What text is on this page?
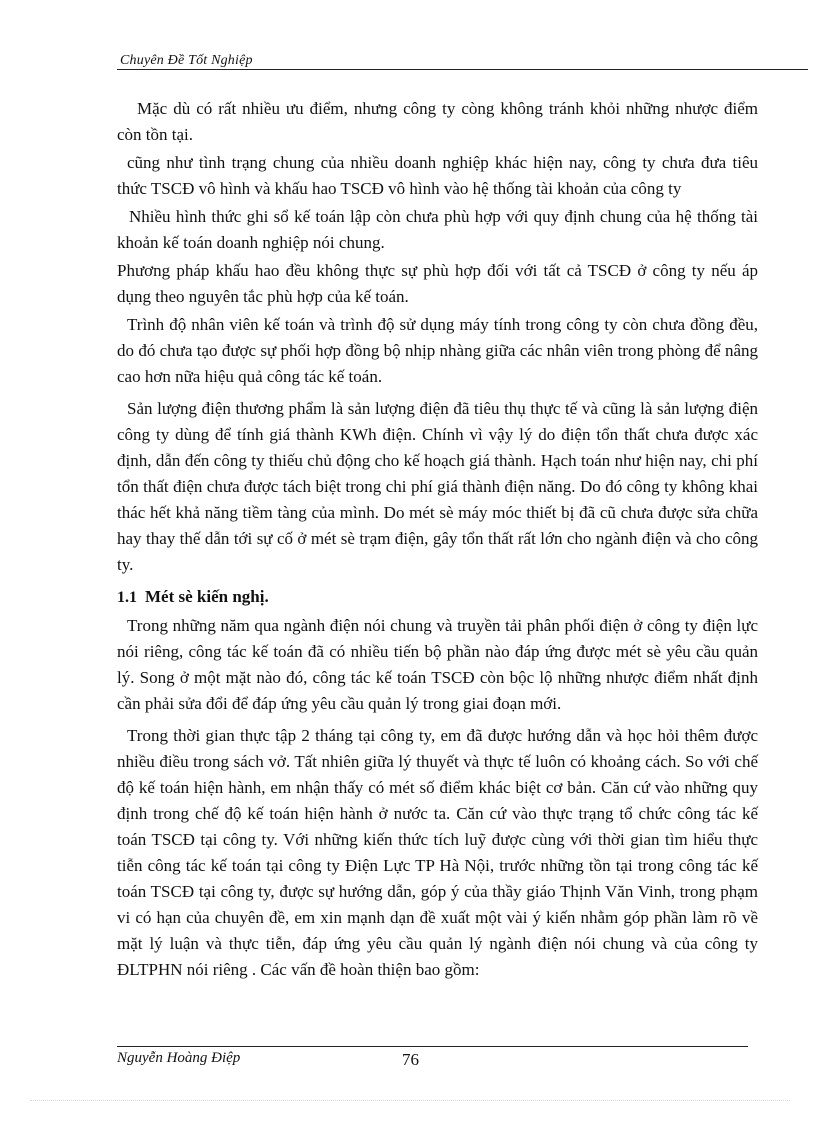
Chuyên Đề Tốt Nghiệp

Mặc dù có rất nhiều ưu điểm, nhưng công ty còng không tránh khỏi những nhược điểm còn tồn tại.

cũng như tình trạng chung của nhiều doanh nghiệp khác hiện nay, công ty chưa đưa tiêu thức TSCĐ vô hình và khấu hao TSCĐ vô hình vào hệ thống tài khoản của công ty

Nhiều hình thức ghi sổ kế toán lập còn chưa phù hợp với quy định chung của hệ thống tài khoản kế toán doanh nghiệp nói chung.

Phương pháp khấu hao đều không thực sự phù hợp đối với tất cả TSCĐ ở công ty nếu áp dụng theo nguyên tắc phù hợp của kế toán.

Trình độ nhân viên kế toán và trình độ sử dụng máy tính trong công ty còn chưa đồng đều, do đó chưa tạo được sự phối hợp đồng bộ nhịp nhàng giữa các nhân viên trong phòng để nâng cao hơn nữa hiệu quả công tác kế toán.

Sản lượng điện thương phẩm là sản lượng điện đã tiêu thụ thực tế và cũng là sản lượng điện công ty dùng để tính giá thành KWh điện. Chính vì vậy lý do điện tổn thất chưa được xác định, dẫn đến công ty thiếu chủ động cho kế hoạch giá thành. Hạch toán như hiện nay, chi phí tổn thất điện chưa được tách biệt trong chi phí giá thành điện năng. Do đó công ty không khai thác hết khả năng tiềm tàng của mình. Do mét sè máy móc thiết bị đã cũ chưa được sửa chữa hay thay thế dẫn tới sự cố ở mét sè trạm điện, gây tổn thất rất lớn cho ngành điện và cho công ty.

1.1 Mét sè kiến nghị.

Trong những năm qua ngành điện nói chung và truyền tải phân phối điện ở công ty điện lực nói riêng, công tác kế toán đã có nhiều tiến bộ phần nào đáp ứng được mét sè yêu cầu quản lý. Song ở một mặt nào đó, công tác kế toán TSCĐ còn bộc lộ những nhược điểm nhất định cần phải sửa đổi để đáp ứng yêu cầu quản lý trong giai đoạn mới.

Trong thời gian thực tập 2 tháng tại công ty, em đã được hướng dẫn và học hỏi thêm được nhiều điều trong sách vở. Tất nhiên giữa lý thuyết và thực tế luôn có khoảng cách. So với chế độ kế toán hiện hành, em nhận thấy có mét số điểm khác biệt cơ bản. Căn cứ vào những quy định trong chế độ kế toán hiện hành ở nước ta. Căn cứ vào thực trạng tổ chức công tác kế toán TSCĐ tại công ty. Với những kiến thức tích luỹ được cùng với thời gian tìm hiểu thực tiễn công tác kế toán tại công ty Điện Lực TP Hà Nội, trước những tồn tại trong công tác kế toán TSCĐ tại công ty, được sự hướng dẫn, góp ý của thầy giáo Thịnh Văn Vinh, trong phạm vi có hạn của chuyên đề, em xin mạnh dạn đề xuất một vài ý kiến nhằm góp phần làm rõ về mặt lý luận và thực tiễn, đáp ứng yêu cầu quản lý ngành điện nói chung và của công ty ĐLTPHN nói riêng . Các vấn đề hoàn thiện bao gồm:

Nguyễn Hoàng Điệp	76
